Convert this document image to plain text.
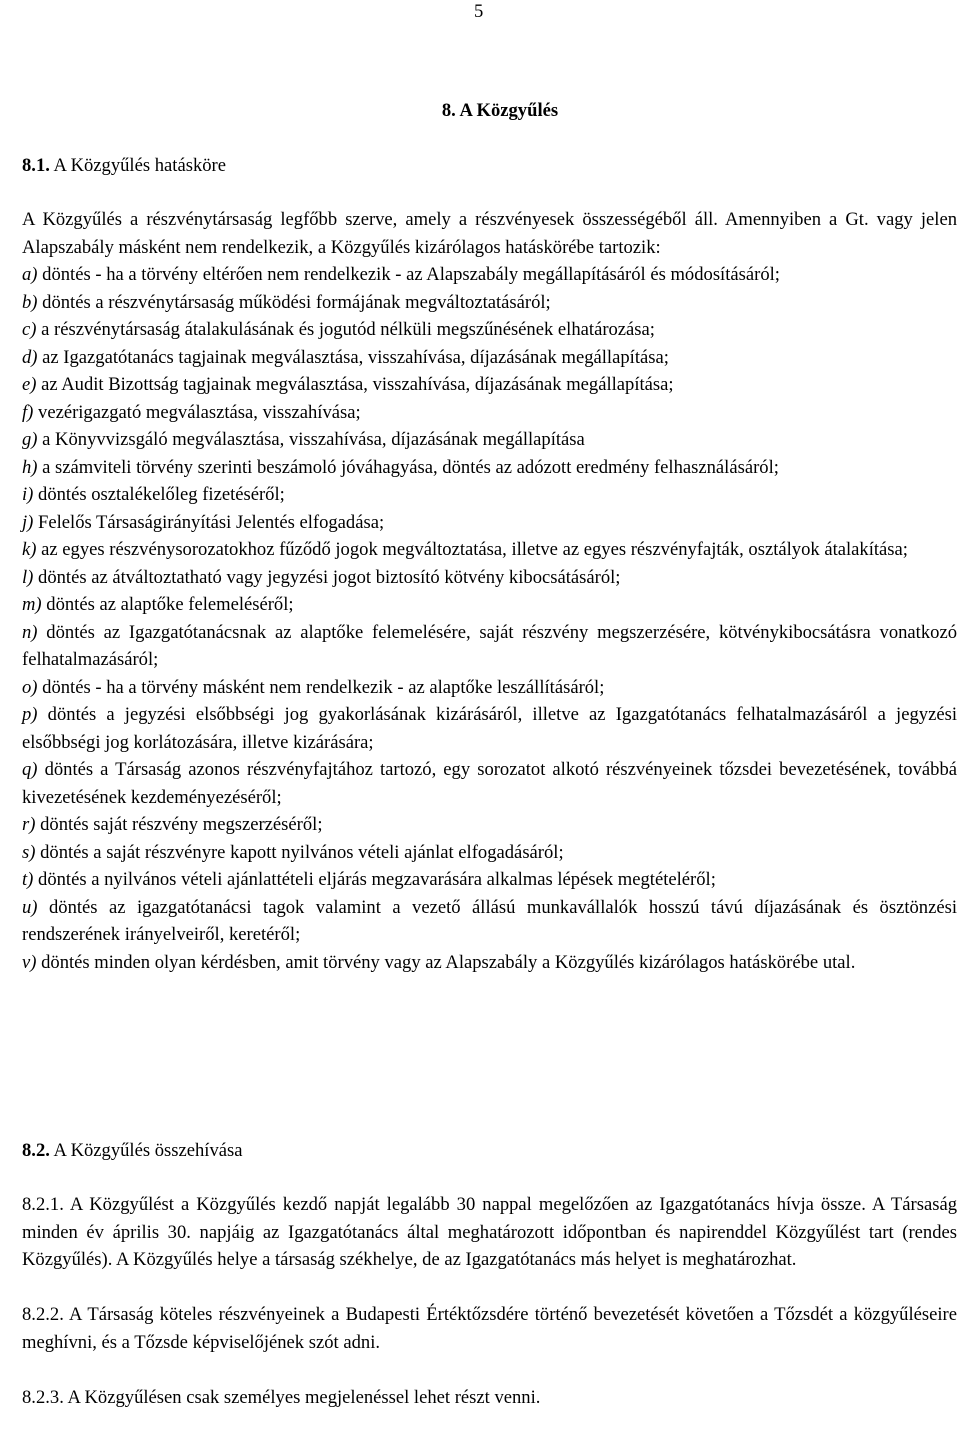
5
8. A Közgyűlés
8.1. A Közgyűlés hatásköre

A Közgyűlés a részvénytársaság legfőbb szerve, amely a részvényesek összességéből áll. Amennyiben a Gt. vagy jelen Alapszabály másként nem rendelkezik, a Közgyűlés kizárólagos hatáskörébe tartozik:

a) döntés - ha a törvény eltérően nem rendelkezik - az Alapszabály megállapításáról és módosításáról;

b) döntés a részvénytársaság működési formájának megváltoztatásáról;

c) a részvénytársaság átalakulásának és jogutód nélküli megszűnésének elhatározása;

d) az Igazgatótanács tagjainak megválasztása, visszahívása, díjazásának megállapítása;

e) az Audit Bizottság tagjainak megválasztása, visszahívása, díjazásának megállapítása;

f) vezérigazgató megválasztása, visszahívása;

g) a Könyvvizsgáló megválasztása, visszahívása, díjazásának megállapítása

h) a számviteli törvény szerinti beszámoló jóváhagyása, döntés az adózott eredmény felhasználásáról;

i) döntés osztalékelőleg fizetéséről;

j) Felelős Társaságirányítási Jelentés elfogadása;

k) az egyes részvénysorozatokhoz fűződő jogok megváltoztatása, illetve az egyes részvényfajták, osztályok átalakítása;

l) döntés az átváltoztatható vagy jegyzési jogot biztosító kötvény kibocsátásáról;

m) döntés az alaptőke felemeléséről;

n) döntés az Igazgatótanácsnak az alaptőke felemelésére, saját részvény megszerzésére, kötvénykibocsátásra vonatkozó felhatalmazásáról;

o) döntés - ha a törvény másként nem rendelkezik - az alaptőke leszállításáról;

p) döntés a jegyzési elsőbbségi jog gyakorlásának kizárásáról, illetve az Igazgatótanács felhatalmazásáról a jegyzési elsőbbségi jog korlátozására, illetve kizárására;

q) döntés a Társaság azonos részvényfajtához tartozó, egy sorozatot alkotó részvényeinek tőzsdei bevezetésének, továbbá kivezetésének kezdeményezéséről;

r) döntés saját részvény megszerzéséről;

s) döntés a saját részvényre kapott nyilvános vételi ajánlat elfogadásáról;

t) döntés a nyilvános vételi ajánlattételi eljárás megzavarására alkalmas lépések megtételéről;

u) döntés az igazgatótanácsi tagok valamint a vezető állású munkavállalók hosszú távú díjazásának és ösztönzési rendszerének irányelveiről, keretéről;

v) döntés minden olyan kérdésben, amit törvény vagy az Alapszabály a Közgyűlés kizárólagos hatáskörébe utal.

8.2. A Közgyűlés összehívása
8.2.1. A Közgyűlést a Közgyűlés kezdő napját legalább 30 nappal megelőzően az Igazgatótanács hívja össze. A Társaság minden év április 30. napjáig az Igazgatótanács által meghatározott időpontban és napirenddel Közgyűlést tart (rendes Közgyűlés). A Közgyűlés helye a társaság székhelye, de az Igazgatótanács más helyet is meghatározhat.
8.2.2. A Társaság köteles részvényeinek a Budapesti Értéktőzsdére történő bevezetését követően a Tőzsdét a közgyűléseire meghívni, és a Tőzsde képviselőjének szót adni.
8.2.3. A Közgyűlésen csak személyes megjelenéssel lehet részt venni.
